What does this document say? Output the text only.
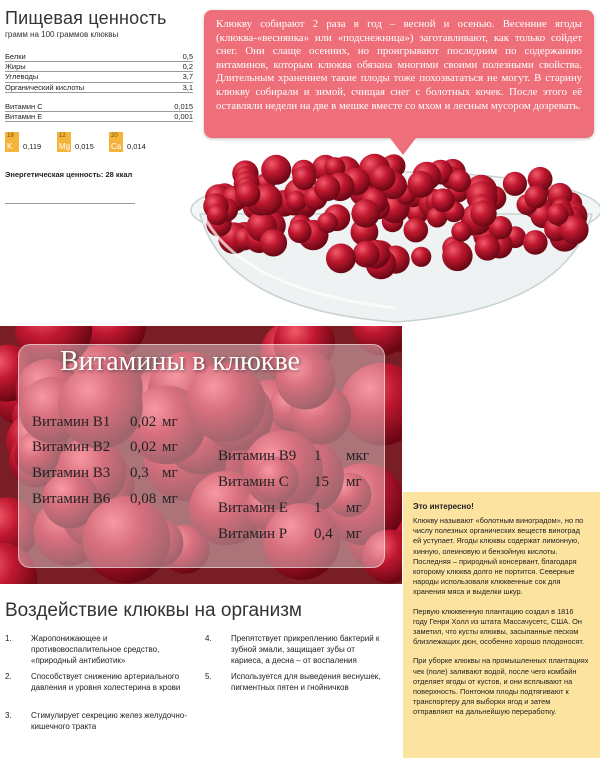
Пищевая ценность
грамм на 100 граммов клюквы
Белки	0,5
Жиры	0,2
Углеводы	3,7
Органический кислоты	3,1

Витамин С	0,015
Витамин Е	0,001
19
K 0,119
12
Mg 0,015
20
Ca 0,014
Энергетическая ценность: 28 ккал

Клюкву собирают 2 раза в год – весной и осенью. Весенние ягоды (клюква-«веснянка» или «подснежница») заготавливают, как только сойдет снег. Они слаще осенних, но проигрывают последним по содержанию витаминов, которым клюква обязана многими своими полезными свойства. Длительным хранением такие плоды тоже похозвататься не могут. В старину клюкву собирали и зимой, счищая снег с болотных кочек. После этого её оставляли недели на две в мешке вместе со мхом и лесным мусором дозревать.

Витамины в клюкве
Витамин В1 0,02 мг
Витамин В2 0,02 мг
Витамин В3 0,3 мг
Витамин В6 0,08 мг
Витамин В9 1 мкг
Витамин С 15 мг
Витамин Е 1 мг
Витамин Р 0,4 мг
Это интересно!

Клюкву называют «болотным виноградом», но по числу полезных органических веществ виноград ей уступает. Ягоды клюквы содержат лимонную, хинную, олеиновую и бензойную кислоты. Последняя – природный консервант, благодаря которому клюква долго не портится. Северные народы использовали клюквенные сок для хранения мяса и выделки шкур.

Первую клюквенную плантацию создал в 1816 году Генри Холл из штата Массачусетс, США. Он заметил, что кусты клюквы, засыпанные песком близлежащих дюн, особенно хорошо плодоносят.

При уборке клюквы на промышленных плантациях чек (поле) заливают водой, после чего комбайн отделяет ягоды от кустов, и они всплывают на поверхность. Понтоном плоды подтягивают к транспортеру для выборки ягод и затем отправляют на дальнейшую переработку.

Воздействие клюквы на организм
1. Жаропонижающее и противовоспалительное средство, «природный антибиотик»
2. Способствует снижению артериального давления и уровня холестерина в крови
3. Стимулирует секрецию желез желудочно-кишечного тракта
4. Препятствует прикреплению бактерий к зубной эмали, защищает зубы от кариеса, а десна – от воспаления
5. Используется для выведения веснушек, пигментных пятен и гнойничков
